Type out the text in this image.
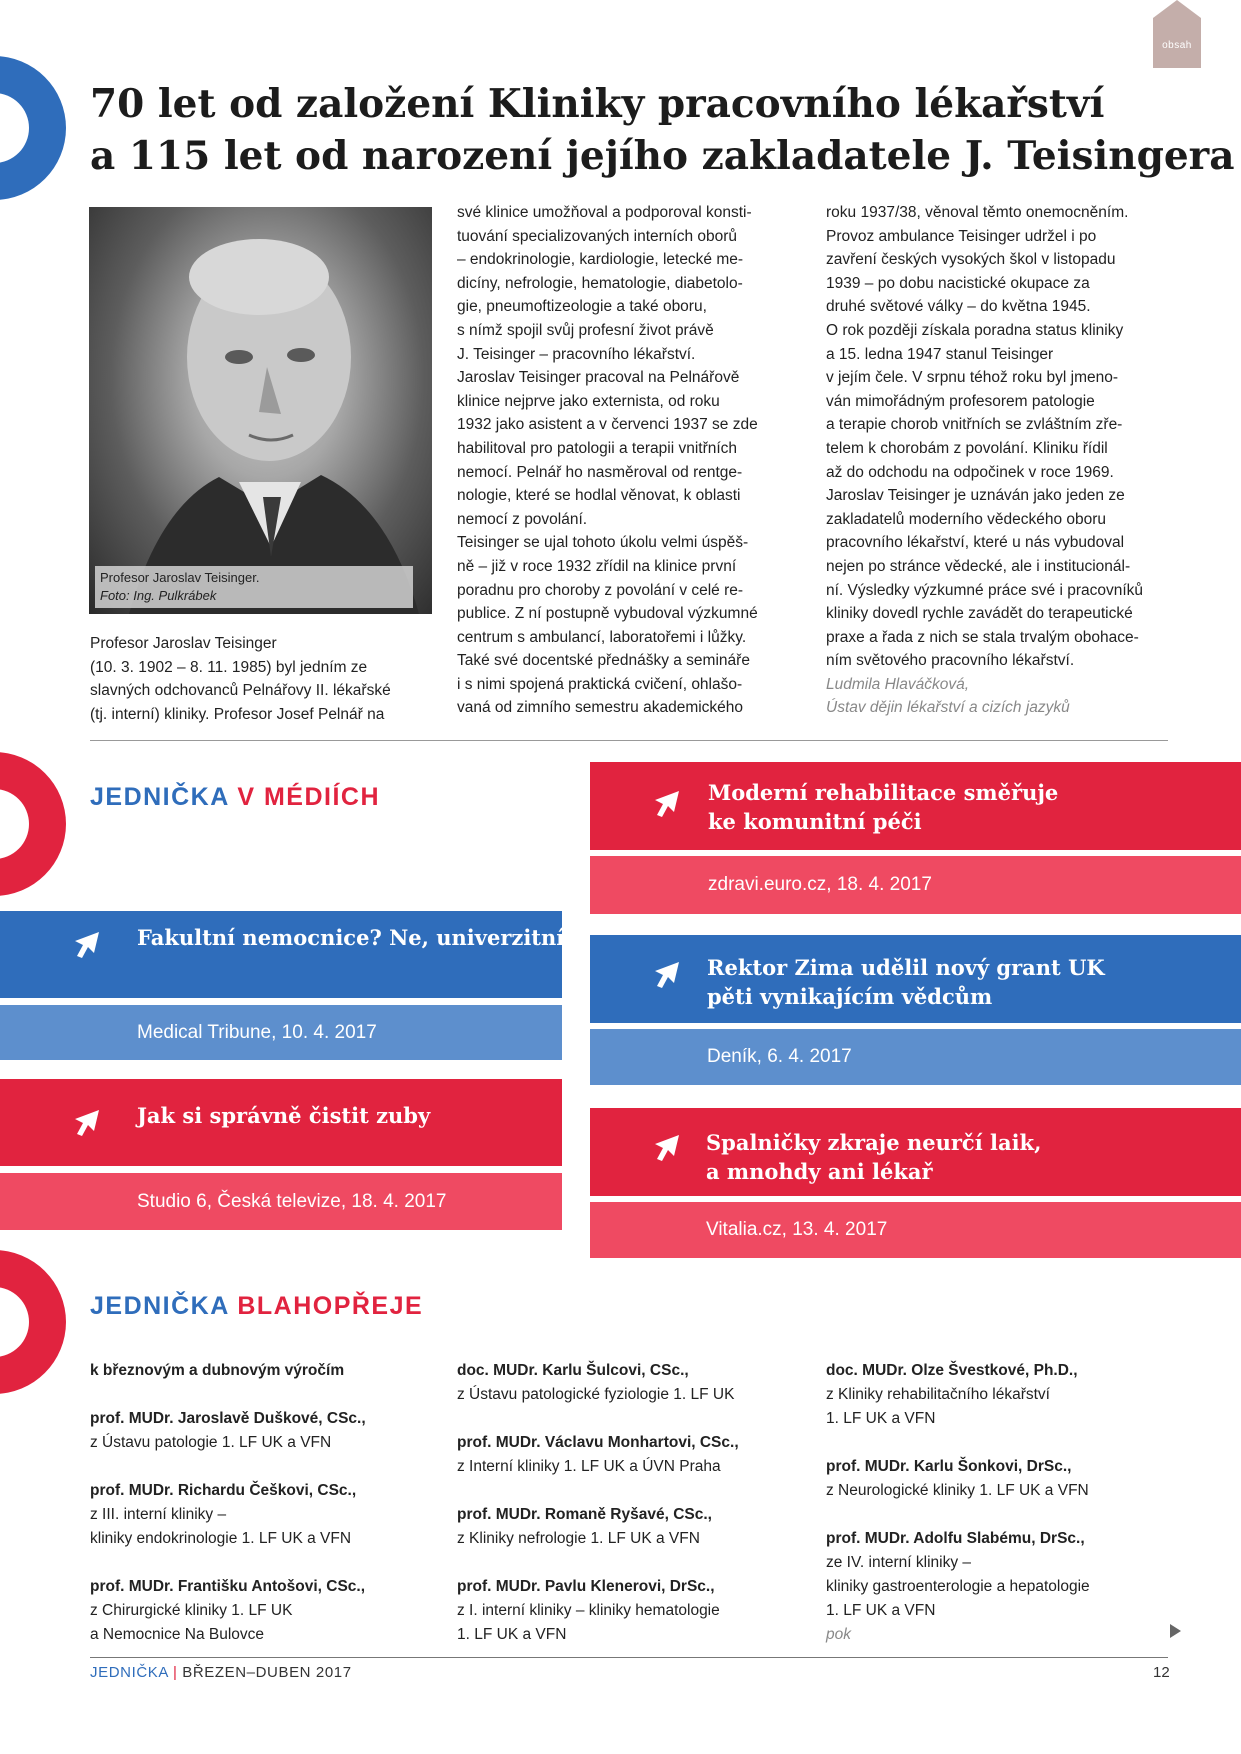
obsah
70 let od založení Kliniky pracovního lékařství
a 115 let od narození jejího zakladatele J. Teisingera
Profesor Jaroslav Teisinger.
Foto: Ing. Pulkrábek
Profesor Jaroslav Teisinger
(10. 3. 1902 – 8. 11. 1985) byl jedním ze
slavných odchovanců Pelnářovy II. lékařské
(tj. interní) kliniky. Profesor Josef Pelnář na
své klinice umožňoval a podporoval konsti-
tuování specializovaných interních oborů
– endokrinologie, kardiologie, letecké me-
dicíny, nefrologie, hematologie, diabetolo-
gie, pneumoftizeologie a také oboru,
s nímž spojil svůj profesní život právě
J. Teisinger – pracovního lékařství.
Jaroslav Teisinger pracoval na Pelnářově
klinice nejprve jako externista, od roku
1932 jako asistent a v červenci 1937 se zde
habilitoval pro patologii a terapii vnitřních
nemocí. Pelnář ho nasměroval od rentge-
nologie, které se hodlal věnovat, k oblasti
nemocí z povolání.
Teisinger se ujal tohoto úkolu velmi úspěš-
ně – již v roce 1932 zřídil na klinice první
poradnu pro choroby z povolání v celé re-
publice. Z ní postupně vybudoval výzkumné
centrum s ambulancí, laboratořemi i lůžky.
Také své docentské přednášky a semináře
i s nimi spojená praktická cvičení, ohlašo-
vaná od zimního semestru akademického
roku 1937/38, věnoval těmto onemocněním.
Provoz ambulance Teisinger udržel i po
zavření českých vysokých škol v listopadu
1939 – po dobu nacistické okupace za
druhé světové války – do května 1945.
O rok později získala poradna status kliniky
a 15. ledna 1947 stanul Teisinger
v jejím čele. V srpnu téhož roku byl jmeno-
ván mimořádným profesorem patologie
a terapie chorob vnitřních se zvláštním zře-
telem k chorobám z povolání. Kliniku řídil
až do odchodu na odpočinek v roce 1969.
Jaroslav Teisinger je uznáván jako jeden ze
zakladatelů moderního vědeckého oboru
pracovního lékařství, které u nás vybudoval
nejen po stránce vědecké, ale i institucionál-
ní. Výsledky výzkumné práce své i pracovníků
kliniky dovedl rychle zavádět do terapeutické
praxe a řada z nich se stala trvalým obohace-
ním světového pracovního lékařství.
Ludmila Hlaváčková,
Ústav dějin lékařství a cizích jazyků
JEDNIČKA V MÉDIÍCH	Moderní rehabilitace směřuje
ke komunitní péči
zdravi.euro.cz, 18. 4. 2017
Fakultní nemocnice? Ne, univerzitní!
Medical Tribune, 10. 4. 2017
Rektor Zima udělil nový grant UK
pěti vynikajícím vědcům
Deník, 6. 4. 2017
Jak si správně čistit zuby
Studio 6, Česká televize, 18. 4. 2017
Spalničky zkraje neurčí laik,
a mnohdy ani lékař
Vitalia.cz, 13. 4. 2017
JEDNIČKA BLAHOPŘEJE
k březnovým a dubnovým výročím
prof. MUDr. Jaroslavě Duškové, CSc.,
z Ústavu patologie 1. LF UK a VFN
prof. MUDr. Richardu Češkovi, CSc.,
z III. interní kliniky –
kliniky endokrinologie 1. LF UK a VFN
prof. MUDr. Františku Antošovi, CSc.,
z Chirurgické kliniky 1. LF UK
a Nemocnice Na Bulovce
doc. MUDr. Karlu Šulcovi, CSc.,
z Ústavu patologické fyziologie 1. LF UK
prof. MUDr. Václavu Monhartovi, CSc.,
z Interní kliniky 1. LF UK a ÚVN Praha
prof. MUDr. Romaně Ryšavé, CSc.,
z Kliniky nefrologie 1. LF UK a VFN
prof. MUDr. Pavlu Klenerovi, DrSc.,
z I. interní kliniky – kliniky hematologie
1. LF UK a VFN
doc. MUDr. Olze Švestkové, Ph.D.,
z Kliniky rehabilitačního lékařství
1. LF UK a VFN
prof. MUDr. Karlu Šonkovi, DrSc.,
z Neurologické kliniky 1. LF UK a VFN
prof. MUDr. Adolfu Slabému, DrSc.,
ze IV. interní kliniky –
kliniky gastroenterologie a hepatologie
1. LF UK a VFN
pok
JEDNIČKA | BŘEZEN–DUBEN 2017	12
